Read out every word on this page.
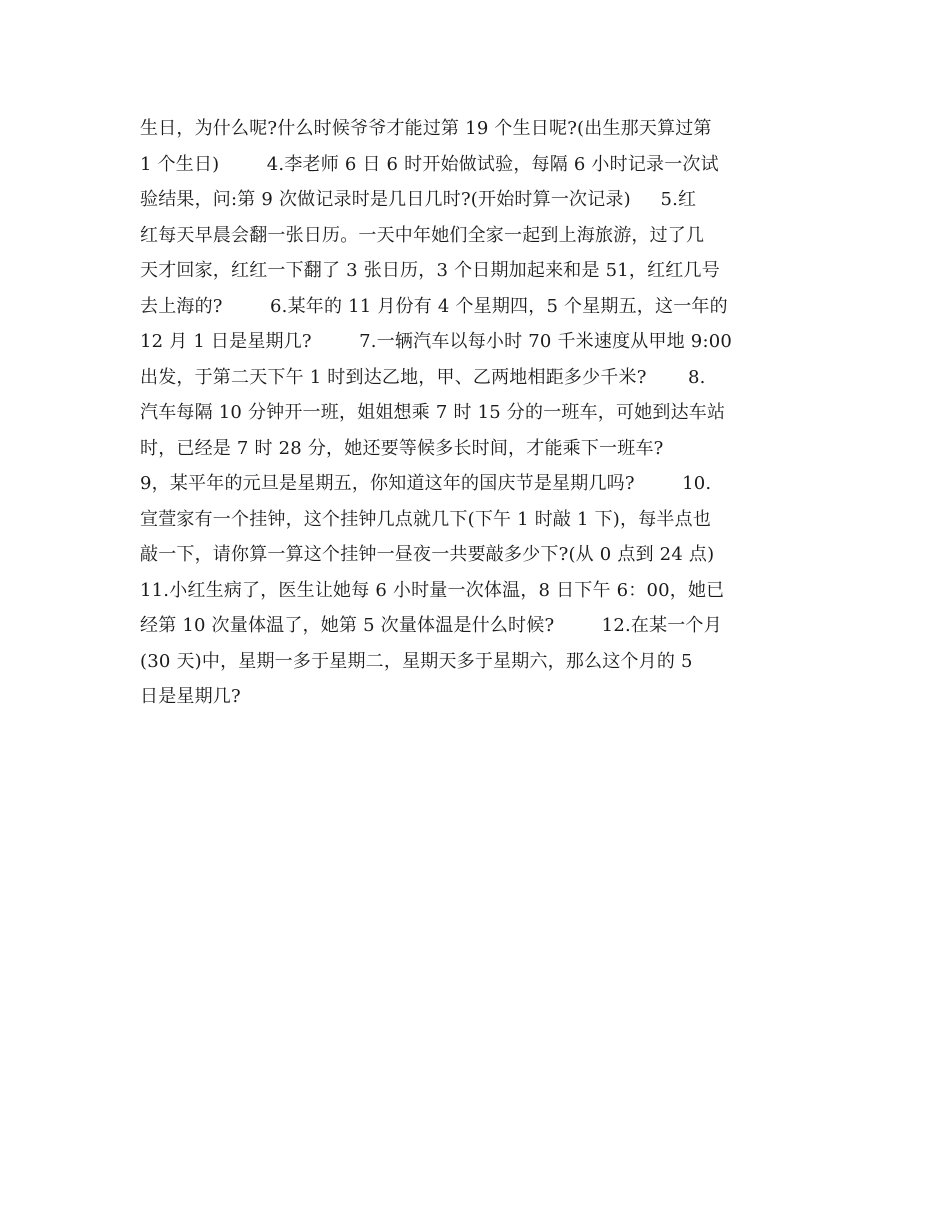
生日，为什么呢?什么时候爷爷才能过第 19 个生日呢?(出生那天算过第
1 个生日)        4.李老师 6 日 6 时开始做试验，每隔 6 小时记录一次试
验结果，问:第 9 次做记录时是几日几时?(开始时算一次记录)     5.红
红每天早晨会翻一张日历。一天中年她们全家一起到上海旅游，过了几
天才回家，红红一下翻了 3 张日历，3 个日期加起来和是 51，红红几号
去上海的?        6.某年的 11 月份有 4 个星期四，5 个星期五，这一年的
12 月 1 日是星期几?        7.一辆汽车以每小时 70 千米速度从甲地 9:00
出发，于第二天下午 1 时到达乙地，甲、乙两地相距多少千米?       8.
汽车每隔 10 分钟开一班，姐姐想乘 7 时 15 分的一班车，可她到达车站
时，已经是 7 时 28 分，她还要等候多长时间，才能乘下一班车?
9，某平年的元旦是星期五，你知道这年的国庆节是星期几吗?        10.
宣萱家有一个挂钟，这个挂钟几点就几下(下午 1 时敲 1 下)，每半点也
敲一下，请你算一算这个挂钟一昼夜一共要敲多少下?(从 0 点到 24 点)
11.小红生病了，医生让她每 6 小时量一次体温，8 日下午 6：00，她已
经第 10 次量体温了，她第 5 次量体温是什么时候?        12.在某一个月
(30 天)中，星期一多于星期二，星期天多于星期六，那么这个月的 5
日是星期几?
